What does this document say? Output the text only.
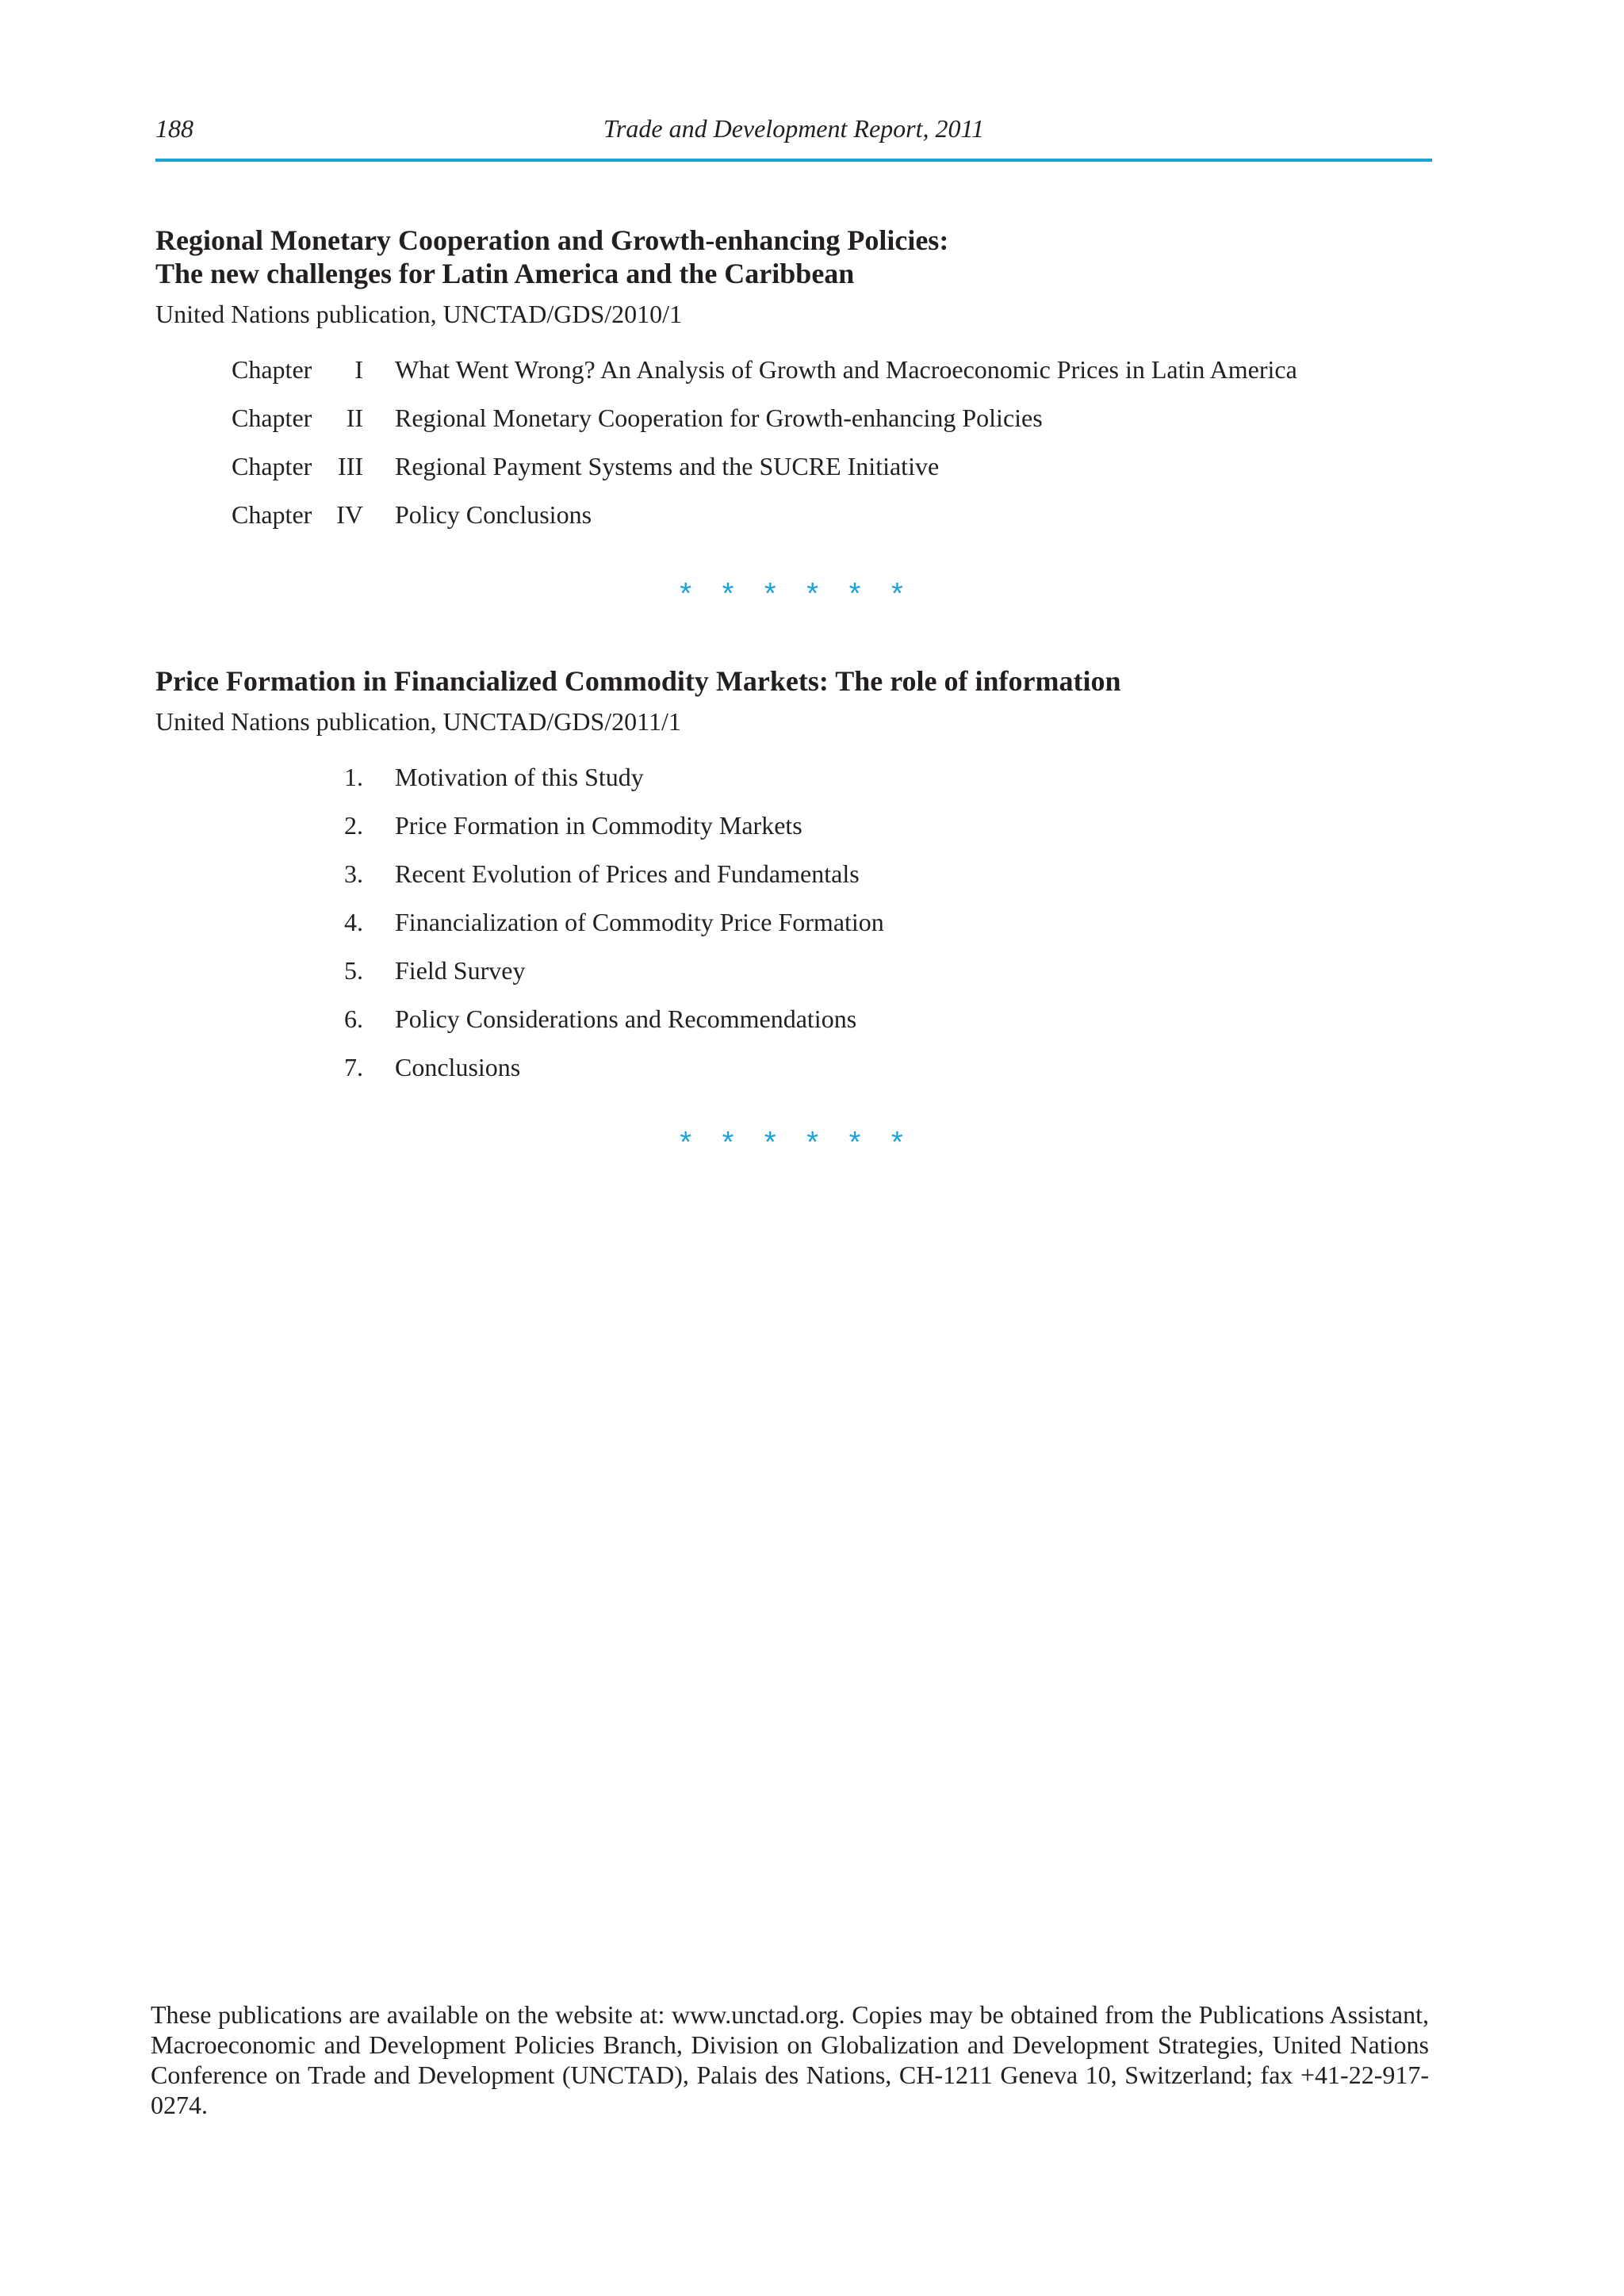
188	Trade and Development Report, 2011
Regional Monetary Cooperation and Growth-enhancing Policies:
The new challenges for Latin America and the Caribbean
United Nations publication, UNCTAD/GDS/2010/1
Chapter I What Went Wrong? An Analysis of Growth and Macroeconomic Prices in Latin America
Chapter II Regional Monetary Cooperation for Growth-enhancing Policies
Chapter III Regional Payment Systems and the SUCRE Initiative
Chapter IV Policy Conclusions
* * * * * *
Price Formation in Financialized Commodity Markets: The role of information
United Nations publication, UNCTAD/GDS/2011/1
1. Motivation of this Study
2. Price Formation in Commodity Markets
3. Recent Evolution of Prices and Fundamentals
4. Financialization of Commodity Price Formation
5. Field Survey
6. Policy Considerations and Recommendations
7. Conclusions
* * * * * *

These publications are available on the website at: www.unctad.org. Copies may be obtained from the Publications Assistant, Macroeconomic and Development Policies Branch, Division on Globalization and Development Strategies, United Nations Conference on Trade and Development (UNCTAD), Palais des Nations, CH-1211 Geneva 10, Switzerland; fax +41-22-917-0274.
